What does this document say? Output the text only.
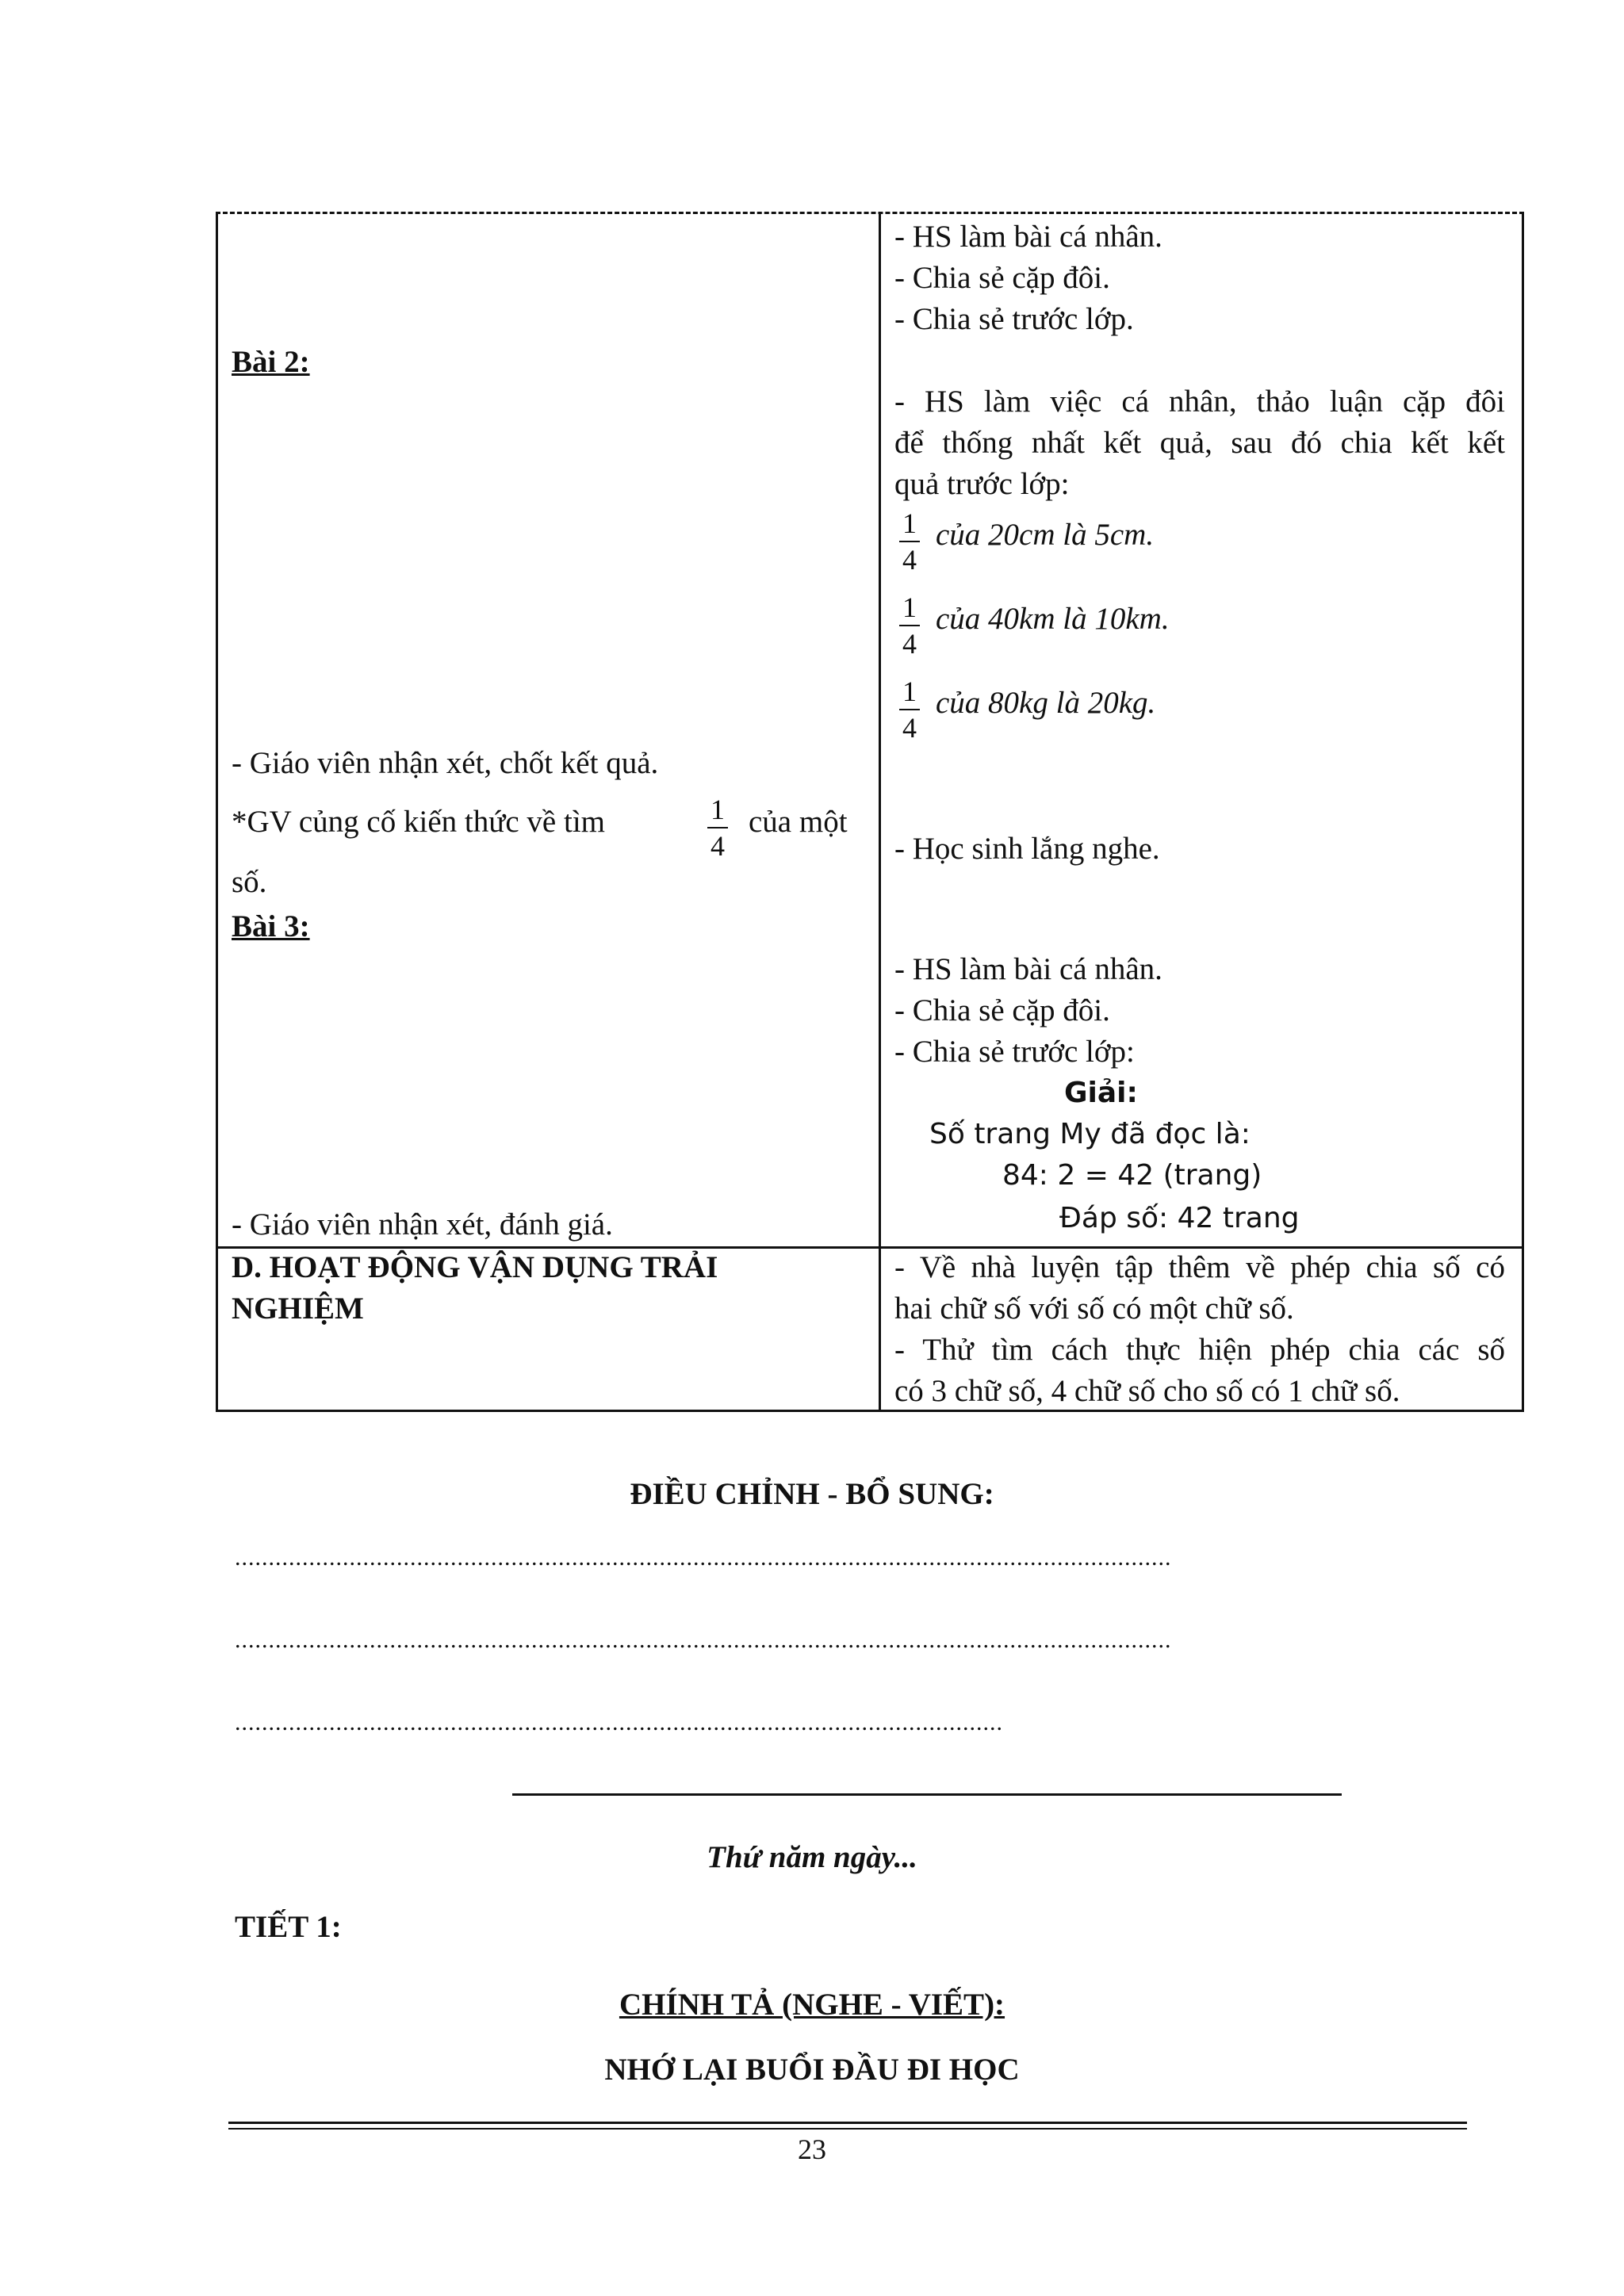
Bài 2:
- Giáo viên nhận xét, chốt kết quả.
*GV củng cố kiến thức về tìm	1
4
của một
số.
Bài 3:
- Giáo viên nhận xét, đánh giá.
D. HOẠT ĐỘNG VẬN DỤNG TRẢI
NGHIỆM
- HS làm bài cá nhân.
- Chia sẻ cặp đôi.
- Chia sẻ trước lớp.
- HS làm việc cá nhân, thảo luận cặp đôi
để thống nhất kết quả, sau đó chia kết kết
quả trước lớp:
1
4
của 20cm là 5cm.
1
4
của 40km là 10km.
1
4
của 80kg là 20kg.
- Học sinh lắng nghe.
- HS làm bài cá nhân.
- Chia sẻ cặp đôi.
- Chia sẻ trước lớp:
Giải:
Số trang My đã đọc là:
84: 2 = 42 (trang)
Đáp số: 42 trang
- Về nhà luyện tập thêm về phép chia số có
hai chữ số với số có một chữ số.
- Thử tìm cách thực hiện phép chia các số
có 3 chữ số, 4 chữ số cho số có 1 chữ số.
ĐIỀU CHỈNH - BỔ SUNG:
...........................................................................................................................................
...........................................................................................................................................
..................................................................................................................
Thứ năm ngày...
TIẾT 1:
CHÍNH TẢ (NGHE - VIẾT):
NHỚ LẠI BUỔI ĐẦU ĐI HỌC
23
